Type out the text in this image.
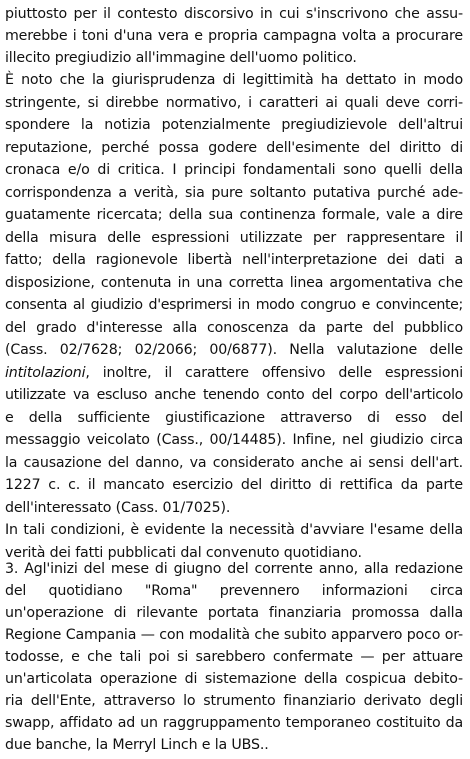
piuttosto per il contesto discorsivo in cui s'inscrivono che assu-
merebbe i toni d'una vera e propria campagna volta a procurare
illecito pregiudizio all'immagine dell'uomo politico.
È noto che la giurisprudenza di legittimità ha dettato in modo
stringente, si direbbe normativo, i caratteri ai quali deve corri-
spondere la notizia potenzialmente pregiudizievole dell'altrui
reputazione, perché possa godere dell'esimente del diritto di
cronaca e/o di critica. I principi fondamentali sono quelli della
corrispondenza a verità, sia pure soltanto putativa purché ade-
guatamente ricercata; della sua continenza formale, vale a dire
della misura delle espressioni utilizzate per rappresentare il
fatto; della ragionevole libertà nell'interpretazione dei dati a
disposizione, contenuta in una corretta linea argomentativa che
consenta al giudizio d'esprimersi in modo congruo e convincente;
del grado d'interesse alla conoscenza da parte del pubblico
(Cass. 02/7628; 02/2066; 00/6877). Nella valutazione delle
intitolazioni, inoltre, il carattere offensivo delle espressioni
utilizzate va escluso anche tenendo conto del corpo dell'articolo
e della sufficiente giustificazione attraverso di esso del
messaggio veicolato (Cass., 00/14485). Infine, nel giudizio circa
la causazione del danno, va considerato anche ai sensi dell'art.
1227 c. c. il mancato esercizio del diritto di rettifica da parte
dell'interessato (Cass. 01/7025).
In tali condizioni, è evidente la necessità d'avviare l'esame della
verità dei fatti pubblicati dal convenuto quotidiano.
3. Agl'inizi del mese di giugno del corrente anno, alla redazione
del quotidiano "Roma" prevennero informazioni circa
un'operazione di rilevante portata finanziaria promossa dalla
Regione Campania — con modalità che subito apparvero poco or-
todosse, e che tali poi si sarebbero confermate — per attuare
un'articolata operazione di sistemazione della cospicua debito-
ria dell'Ente, attraverso lo strumento finanziario derivato degli
swapp, affidato ad un raggruppamento temporaneo costituito da
due banche, la Merryl Linch e la UBS..
